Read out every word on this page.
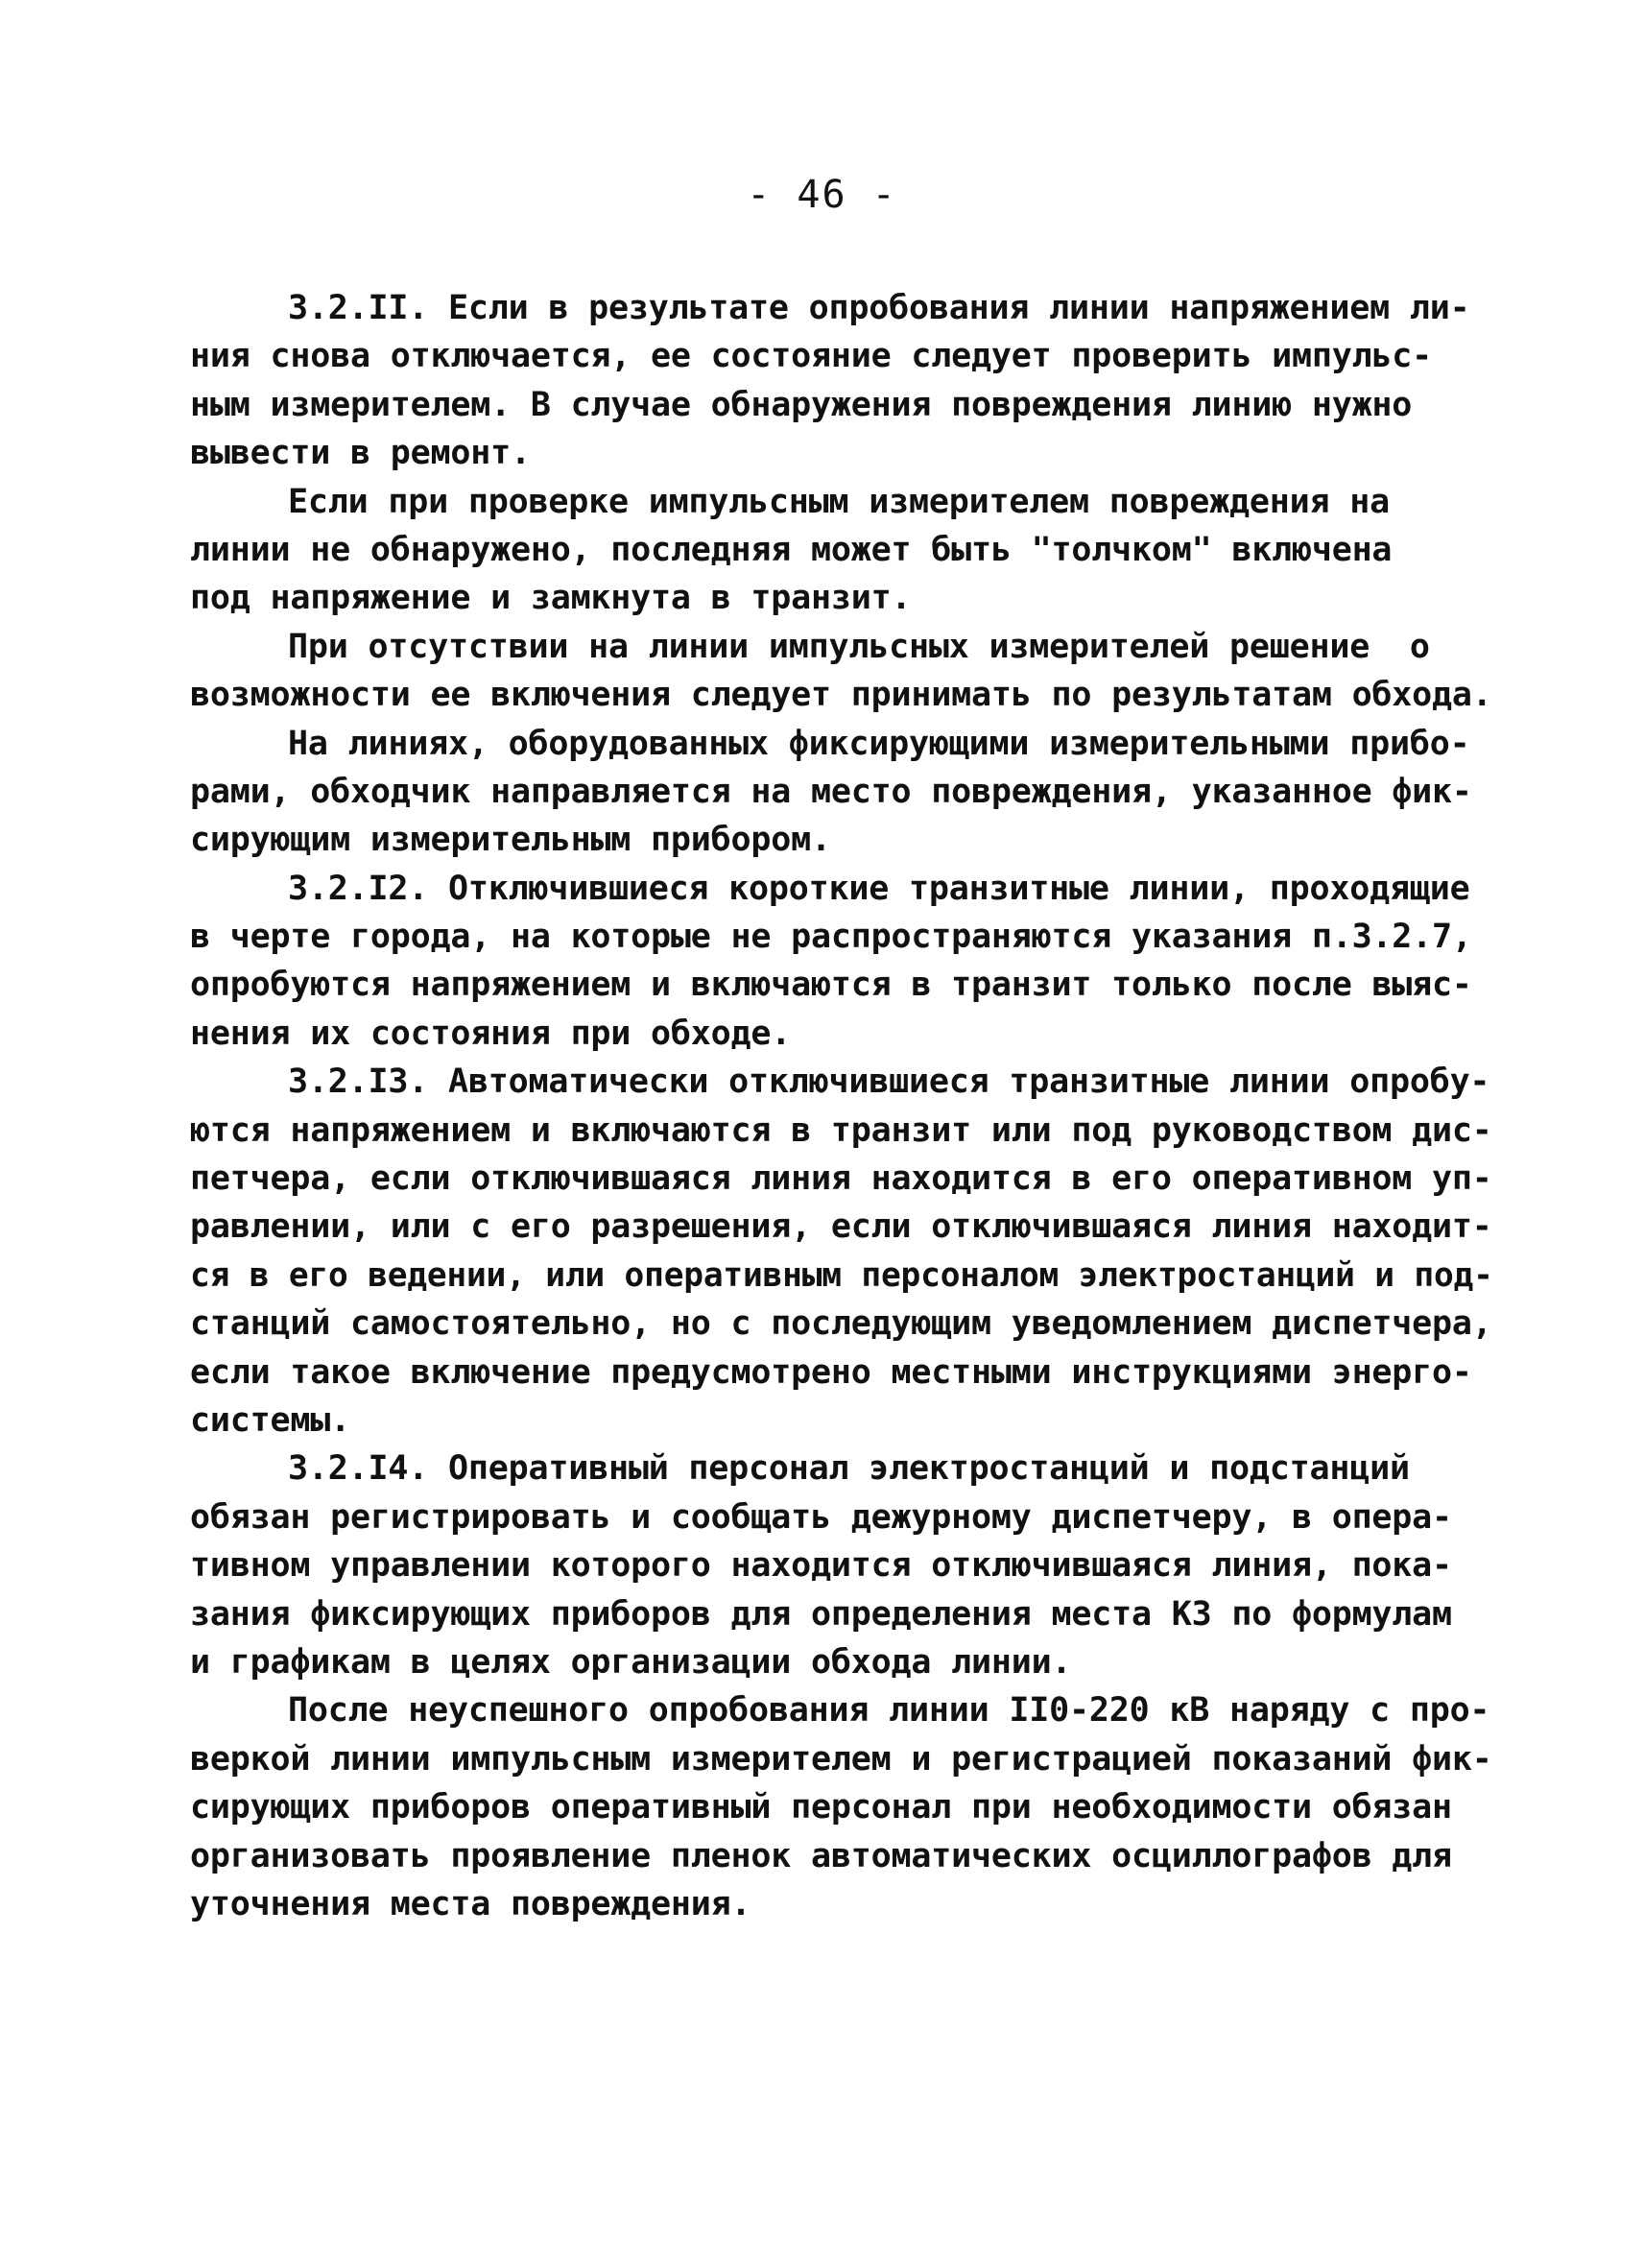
- 46 -
3.2.II. Если в результате опробования линии напряжением ли-
ния снова отключается, ее состояние следует проверить импульс-
ным измерителем. В случае обнаружения повреждения линию нужно
вывести в ремонт.
Если при проверке импульсным измерителем повреждения на
линии не обнаружено, последняя может быть "толчком" включена
под напряжение и замкнута в транзит.
При отсутствии на линии импульсных измерителей решение  о
возможности ее включения следует принимать по результатам обхода.
На линиях, оборудованных фиксирующими измерительными прибо-
рами, обходчик направляется на место повреждения, указанное фик-
сирующим измерительным прибором.
3.2.I2. Отключившиеся короткие транзитные линии, проходящие
в черте города, на которые не распространяются указания п.3.2.7,
опробуются напряжением и включаются в транзит только после выяс-
нения их состояния при обходе.
3.2.I3. Автоматически отключившиеся транзитные линии опробу-
ются напряжением и включаются в транзит или под руководством дис-
петчера, если отключившаяся линия находится в его оперативном уп-
равлении, или с его разрешения, если отключившаяся линия находит-
ся в его ведении, или оперативным персоналом электростанций и под-
станций самостоятельно, но с последующим уведомлением диспетчера,
если такое включение предусмотрено местными инструкциями энерго-
системы.
3.2.I4. Оперативный персонал электростанций и подстанций
обязан регистрировать и сообщать дежурному диспетчеру, в опера-
тивном управлении которого находится отключившаяся линия, пока-
зания фиксирующих приборов для определения места КЗ по формулам
и графикам в целях организации обхода линии.
После неуспешного опробования линии II0-220 кВ наряду с про-
веркой линии импульсным измерителем и регистрацией показаний фик-
сирующих приборов оперативный персонал при необходимости обязан
организовать проявление пленок автоматических осциллографов для
уточнения места повреждения.
